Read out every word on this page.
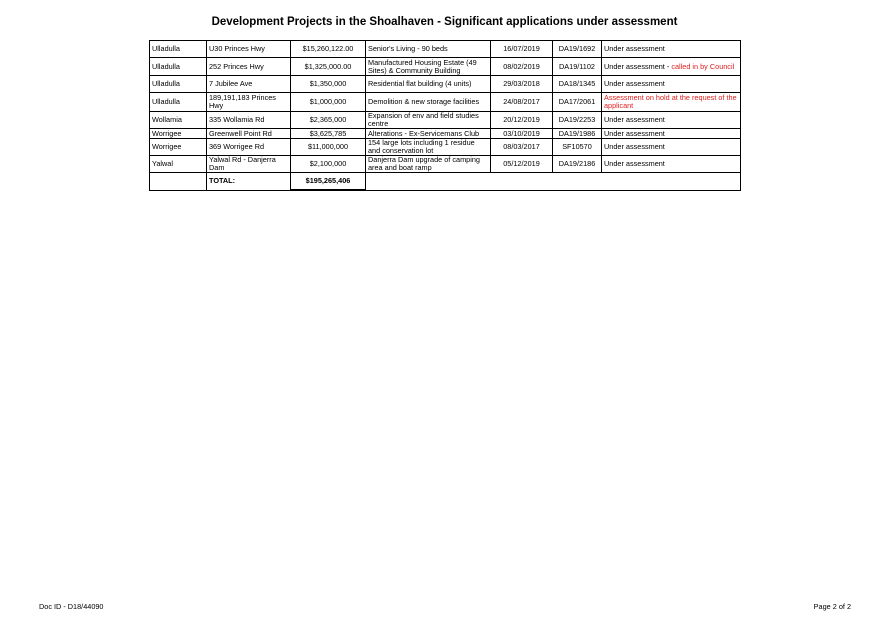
Development Projects in the Shoalhaven - Significant applications under assessment
Ulladulla	U30 Princes Hwy	$15,260,122.00	Senior's Living - 90 beds	16/07/2019	DA19/1692	Under assessment
Ulladulla	252 Princes Hwy	$1,325,000.00	Manufactured Housing Estate (49 Sites) & Community Building	08/02/2019	DA19/1102	Under assessment - called in by Council
Ulladulla	7 Jubilee Ave	$1,350,000	Residential flat building (4 units)	29/03/2018	DA18/1345	Under assessment
Ulladulla	189,191,183 Princes Hwy	$1,000,000	Demolition & new storage facilities	24/08/2017	DA17/2061	Assessment on hold at the request of the applicant
Wollamia	335 Wollamia Rd	$2,365,000	Expansion of env and field studies centre	20/12/2019	DA19/2253	Under assessment
Worrigee	Greenwell Point Rd	$3,625,785	Alterations - Ex-Servicemans Club	03/10/2019	DA19/1986	Under assessment
Worrigee	369 Worrigee Rd	$11,000,000	154 large lots including 1 residue and conservation lot	08/03/2017	SF10570	Under assessment
Yalwal	Yalwal Rd - Danjerra Dam	$2,100,000	Danjerra Dam upgrade of camping area and boat ramp	05/12/2019	DA19/2186	Under assessment
	TOTAL:	$195,265,406				
Doc ID - D18/44090	Page 2 of 2
